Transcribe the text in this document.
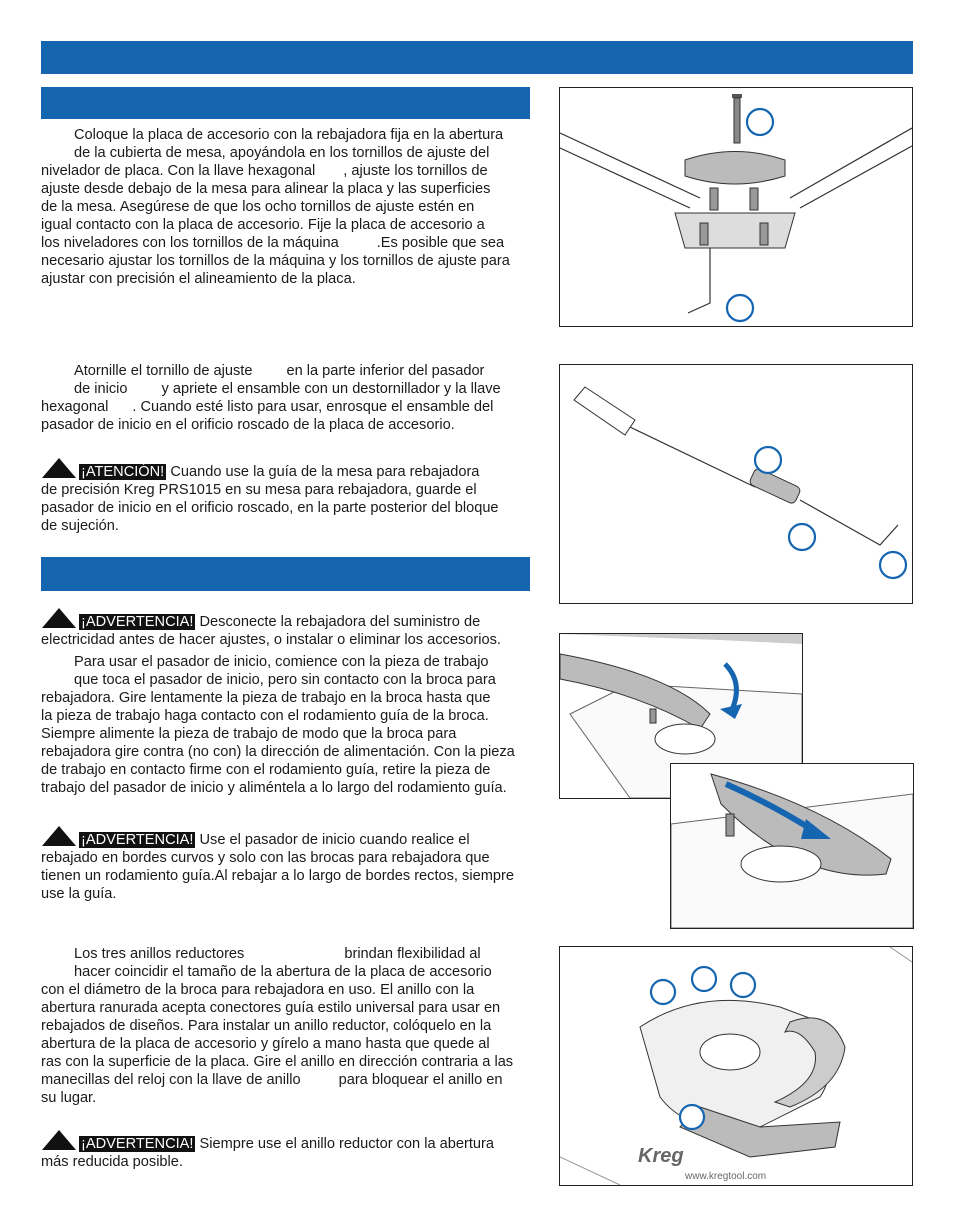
Coloque la placa de accesorio con la rebajadora fija en la abertura
de la cubierta de mesa, apoyándola en los tornillos de ajuste del
nivelador de placa. Con la llave hexagonal , ajuste los tornillos de
ajuste desde debajo de la mesa para alinear la placa y las superficies
de la mesa. Asegúrese de que los ocho tornillos de ajuste estén en
igual contacto con la placa de accesorio. Fije la placa de accesorio a
los niveladores con los tornillos de la máquina	.Es posible que sea
necesario ajustar los tornillos de la máquina y los tornillos de ajuste para
ajustar con precisión el alineamiento de la placa.
Atornille el tornillo de ajuste en la parte inferior del pasador
de inicio y apriete el ensamble con un destornillador y la llave
hexagonal . Cuando esté listo para usar, enrosque el ensamble del
pasador de inicio en el orificio roscado de la placa de accesorio.
¡ATENCIÓN! Cuando use la guía de la mesa para rebajadora
de precisión Kreg PRS1015 en su mesa para rebajadora, guarde el
pasador de inicio en el orificio roscado, en la parte posterior del bloque
de sujeción.
¡ADVERTENCIA! Desconecte la rebajadora del suministro de
electricidad antes de hacer ajustes, o instalar o eliminar los accesorios.
Para usar el pasador de inicio, comience con la pieza de trabajo
que toca el pasador de inicio, pero sin contacto con la broca para
rebajadora. Gire lentamente la pieza de trabajo en la broca hasta que
la pieza de trabajo haga contacto con el rodamiento guía de la broca.
Siempre alimente la pieza de trabajo de modo que la broca para
rebajadora gire contra (no con) la dirección de alimentación. Con la pieza
de trabajo en contacto firme con el rodamiento guía, retire la pieza de
trabajo del pasador de inicio y aliméntela a lo largo del rodamiento guía.
¡ADVERTENCIA! Use el pasador de inicio cuando realice el
rebajado en bordes curvos y solo con las brocas para rebajadora que
tienen un rodamiento guía.Al rebajar a lo largo de bordes rectos, siempre
use la guía.
Los tres anillos reductores	brindan flexibilidad al
hacer coincidir el tamaño de la abertura de la placa de accesorio
con el diámetro de la broca para rebajadora en uso. El anillo con la
abertura ranurada acepta conectores guía estilo universal para usar en
rebajados de diseños. Para instalar un anillo reductor, colóquelo en la
abertura de la placa de accesorio y gírelo a mano hasta que quede al
ras con la superficie de la placa. Gire el anillo en dirección contraria a las
manecillas del reloj con la llave de anillo	para bloquear el anillo en
su lugar.
¡ADVERTENCIA! Siempre use el anillo reductor con la abertura
más reducida posible.	Kreg
www.kregtool.com
